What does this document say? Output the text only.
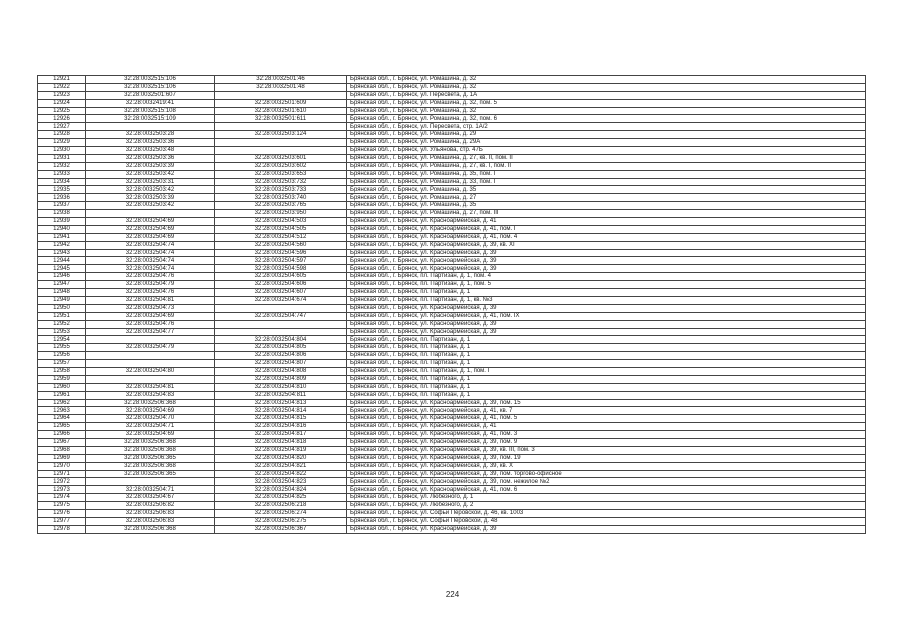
12921	32:28:0032515:106	32:28:0032501:46	Брянская обл., г. Брянск, ул. Ромашина, д. 32
12922	32:28:0032515:106	32:28:0032501:48	Брянская обл., г. Брянск, ул. Ромашина, д. 32
12923	32:28:0032501:607		Брянская обл., г. Брянск, ул. Пересвета, д. 1А
12924	32:28:0032419:41	32:28:0032501:609	Брянская обл., г. Брянск, ул. Ромашина, д. 32, пом. 5
12925	32:28:0032515:108	32:28:0032501:610	Брянская обл., г. Брянск, ул. Ромашина, д. 32
12926	32:28:0032515:109	32:28:0032501:611	Брянская обл., г. Брянск, ул. Ромашина, д. 32, пом. 6
12927			Брянская обл., г. Брянск, ул. Пересвета, стр. 1А/2
12928	32:28:0032503:28	32:28:0032503:124	Брянская обл., г. Брянск, ул. Ромашина, д. 29
12929	32:28:0032503:36		Брянская обл., г. Брянск, ул. Ромашина, д. 29А
12930	32:28:0032503:48		Брянская обл., г. Брянск, ул. Ульянова, стр. 47Б
12931	32:28:0032503:36	32:28:0032503:601	Брянская обл., г. Брянск, ул. Ромашина, д. 27, кв. II, пом. II
12932	32:28:0032503:39	32:28:0032503:602	Брянская обл., г. Брянск, ул. Ромашина, д. 27, кв. I, пом. II
12933	32:28:0032503:42	32:28:0032503:653	Брянская обл., г. Брянск, ул. Ромашина, д. 35, пом. I
12934	32:28:0032503:31	32:28:0032503:732	Брянская обл., г. Брянск, ул. Ромашина, д. 33, пом. I
12935	32:28:0032503:42	32:28:0032503:733	Брянская обл., г. Брянск, ул. Ромашина, д. 35
12936	32:28:0032503:39	32:28:0032503:740	Брянская обл., г. Брянск, ул. Ромашина, д. 27
12937	32:28:0032503:42	32:28:0032503:765	Брянская обл., г. Брянск, ул. Ромашина, д. 35
12938		32:28:0032503:950	Брянская обл., г. Брянск, ул. Ромашина, д. 27, пом. III
12939	32:28:0032504:69	32:28:0032504:503	Брянская обл., г. Брянск, ул. Красноармейская, д. 41
12940	32:28:0032504:69	32:28:0032504:505	Брянская обл., г. Брянск, ул. Красноармейская, д. 41, пом. I
12941	32:28:0032504:69	32:28:0032504:512	Брянская обл., г. Брянск, ул. Красноармейская, д. 41, пом. 4
12942	32:28:0032504:74	32:28:0032504:560	Брянская обл., г. Брянск, ул. Красноармейская, д. 39, кв. XI
12943	32:28:0032504:74	32:28:0032504:596	Брянская обл., г. Брянск, ул. Красноармейская, д. 39
12944	32:28:0032504:74	32:28:0032504:597	Брянская обл., г. Брянск, ул. Красноармейская, д. 39
12945	32:28:0032504:74	32:28:0032504:598	Брянская обл., г. Брянск, ул. Красноармейская, д. 39
12946	32:28:0032504:76	32:28:0032504:605	Брянская обл., г. Брянск, пл. Партизан, д. 1, пом. 4
12947	32:28:0032504:79	32:28:0032504:606	Брянская обл., г. Брянск, пл. Партизан, д. 1, пом. 5
12948	32:28:0032504:76	32:28:0032504:607	Брянская обл., г. Брянск, пл. Партизан, д. 1
12949	32:28:0032504:81	32:28:0032504:674	Брянская обл., г. Брянск, пл. Партизан, д. 1, кв. №3
12950	32:28:0032504:73		Брянская обл., г. Брянск, ул. Красноармейская, д. 39
12951	32:28:0032504:69	32:28:0032504:747	Брянская обл., г. Брянск, ул. Красноармейская, д. 41, пом. IX
12952	32:28:0032504:76		Брянская обл., г. Брянск, ул. Красноармейская, д. 39
12953	32:28:0032504:77		Брянская обл., г. Брянск, ул. Красноармейская, д. 39
12954		32:28:0032504:804	Брянская обл., г. Брянск, пл. Партизан, д. 1
12955	32:28:0032504:79	32:28:0032504:805	Брянская обл., г. Брянск, пл. Партизан, д. 1
12956		32:28:0032504:806	Брянская обл., г. Брянск, пл. Партизан, д. 1
12957		32:28:0032504:807	Брянская обл., г. Брянск, пл. Партизан, д. 1
12958	32:28:0032504:80	32:28:0032504:808	Брянская обл., г. Брянск, пл. Партизан, д. 1, пом. I
12959		32:28:0032504:809	Брянская обл., г. Брянск, пл. Партизан, д. 1
12960	32:28:0032504:81	32:28:0032504:810	Брянская обл., г. Брянск, пл. Партизан, д. 1
12961	32:28:0032504:83	32:28:0032504:811	Брянская обл., г. Брянск, пл. Партизан, д. 1
12962	32:28:0032506:368	32:28:0032504:813	Брянская обл., г. Брянск, ул. Красноармейская, д. 39, пом. 15
12963	32:28:0032504:69	32:28:0032504:814	Брянская обл., г. Брянск, ул. Красноармейская, д. 41, кв. 7
12964	32:28:0032504:70	32:28:0032504:815	Брянская обл., г. Брянск, ул. Красноармейская, д. 41, пом. 5
12965	32:28:0032504:71	32:28:0032504:816	Брянская обл., г. Брянск, ул. Красноармейская, д. 41
12966	32:28:0032504:69	32:28:0032504:817	Брянская обл., г. Брянск, ул. Красноармейская, д. 41, пом. 3
12967	32:28:0032506:368	32:28:0032504:818	Брянская обл., г. Брянск, ул. Красноармейская, д. 39, пом. 9
12968	32:28:0032506:368	32:28:0032504:819	Брянская обл., г. Брянск, ул. Красноармейская, д. 39, кв. III, пом. 3
12969	32:28:0032506:365	32:28:0032504:820	Брянская обл., г. Брянск, ул. Красноармейская, д. 39, пом. 19
12970	32:28:0032506:368	32:28:0032504:821	Брянская обл., г. Брянск, ул. Красноармейская, д. 39, кв. X
12971	32:28:0032506:365	32:28:0032504:822	Брянская обл., г. Брянск, ул. Красноармейская, д. 39, пом. торгово-офисное
12972		32:28:0032504:823	Брянская обл., г. Брянск, ул. Красноармейская, д. 39, пом. нежилое №2
12973	32:28:0032504:71	32:28:0032504:824	Брянская обл., г. Брянск, ул. Красноармейская, д. 41, пом. 6
12974	32:28:0032504:67	32:28:0032504:825	Брянская обл., г. Брянск, ул. Любезного, д. 1
12975	32:28:0032506:82	32:28:0032506:218	Брянская обл., г. Брянск, ул. Любезного, д. 2
12976	32:28:0032506:83	32:28:0032506:274	Брянская обл., г. Брянск, ул. Софьи Перовской, д. 46, кв. 1003
12977	32:28:0032506:83	32:28:0032506:275	Брянская обл., г. Брянск, ул. Софьи Перовской, д. 48
12978	32:28:0032506:368	32:28:0032506:367	Брянская обл., г. Брянск, ул. Красноармейская, д. 39
224
